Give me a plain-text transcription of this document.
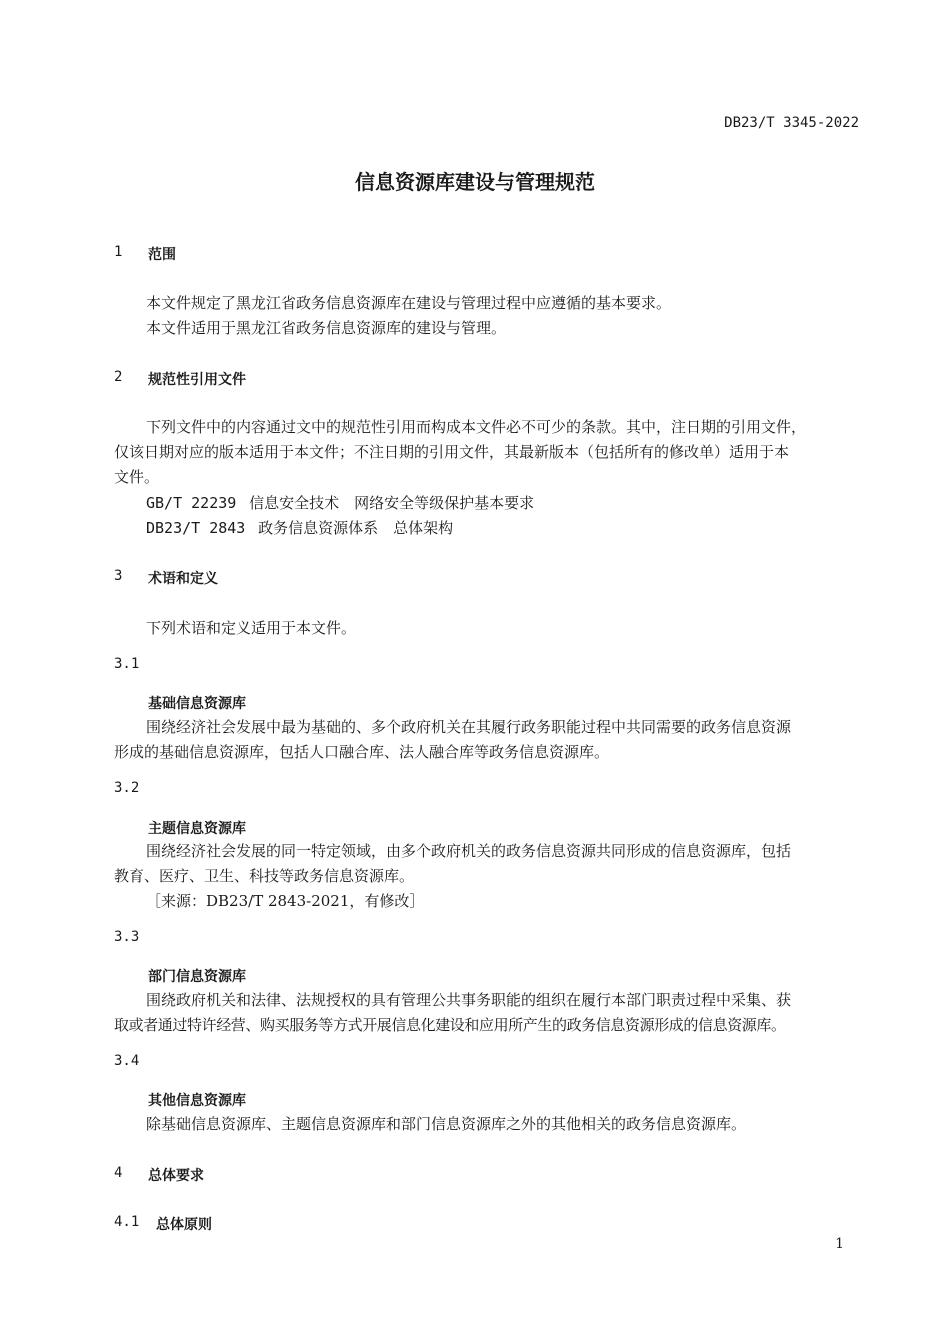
DB23/T 3345-2022
信息资源库建设与管理规范
1 范围
本文件规定了黑龙江省政务信息资源库在建设与管理过程中应遵循的基本要求。
本文件适用于黑龙江省政务信息资源库的建设与管理。
2 规范性引用文件
下列文件中的内容通过文中的规范性引用而构成本文件必不可少的条款。其中，注日期的引用文件，
仅该日期对应的版本适用于本文件；不注日期的引用文件，其最新版本（包括所有的修改单）适用于本
文件。
GB/T 22239 信息安全技术　网络安全等级保护基本要求
DB23/T 2843 政务信息资源体系　总体架构
3 术语和定义
下列术语和定义适用于本文件。
3.1
基础信息资源库
围绕经济社会发展中最为基础的、多个政府机关在其履行政务职能过程中共同需要的政务信息资源
形成的基础信息资源库，包括人口融合库、法人融合库等政务信息资源库。
3.2
主题信息资源库
围绕经济社会发展的同一特定领域，由多个政府机关的政务信息资源共同形成的信息资源库，包括
教育、医疗、卫生、科技等政务信息资源库。
［来源：DB23/T 2843-2021，有修改］
3.3
部门信息资源库
围绕政府机关和法律、法规授权的具有管理公共事务职能的组织在履行本部门职责过程中采集、获
取或者通过特许经营、购买服务等方式开展信息化建设和应用所产生的政务信息资源形成的信息资源库。
3.4
其他信息资源库
除基础信息资源库、主题信息资源库和部门信息资源库之外的其他相关的政务信息资源库。
4 总体要求
4.1 总体原则
1
